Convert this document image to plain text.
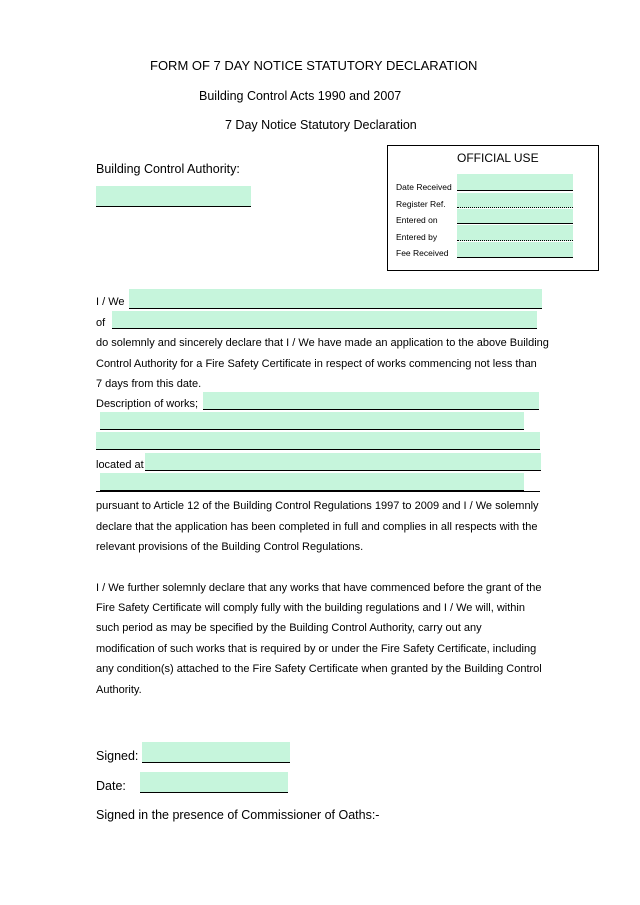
FORM OF 7 DAY NOTICE STATUTORY DECLARATION
Building Control Acts 1990 and 2007
7 Day Notice Statutory Declaration
Building Control Authority:
OFFICIAL USE
Date Received
Register Ref.
Entered on
Entered by
Fee Received
I / We
of
do solemnly and sincerely declare that I / We have made an application to the above Building
Control Authority for a Fire Safety Certificate in respect of works commencing not less than
7 days from this date.
Description of works;
located at
pursuant to Article 12 of the Building Control Regulations 1997 to 2009 and I / We solemnly
declare that the application has been completed in full and complies in all respects with the
relevant provisions of the Building Control Regulations.
I / We further solemnly declare that any works that have commenced before the grant of the
Fire Safety Certificate will comply fully with the building regulations and I / We will, within
such period as may be specified by the Building Control Authority, carry out any
modification of such works that is required by or under the Fire Safety Certificate, including
any condition(s) attached to the Fire Safety Certificate when granted by the Building Control
Authority.
Signed:
Date:
Signed in the presence of Commissioner of Oaths:-
